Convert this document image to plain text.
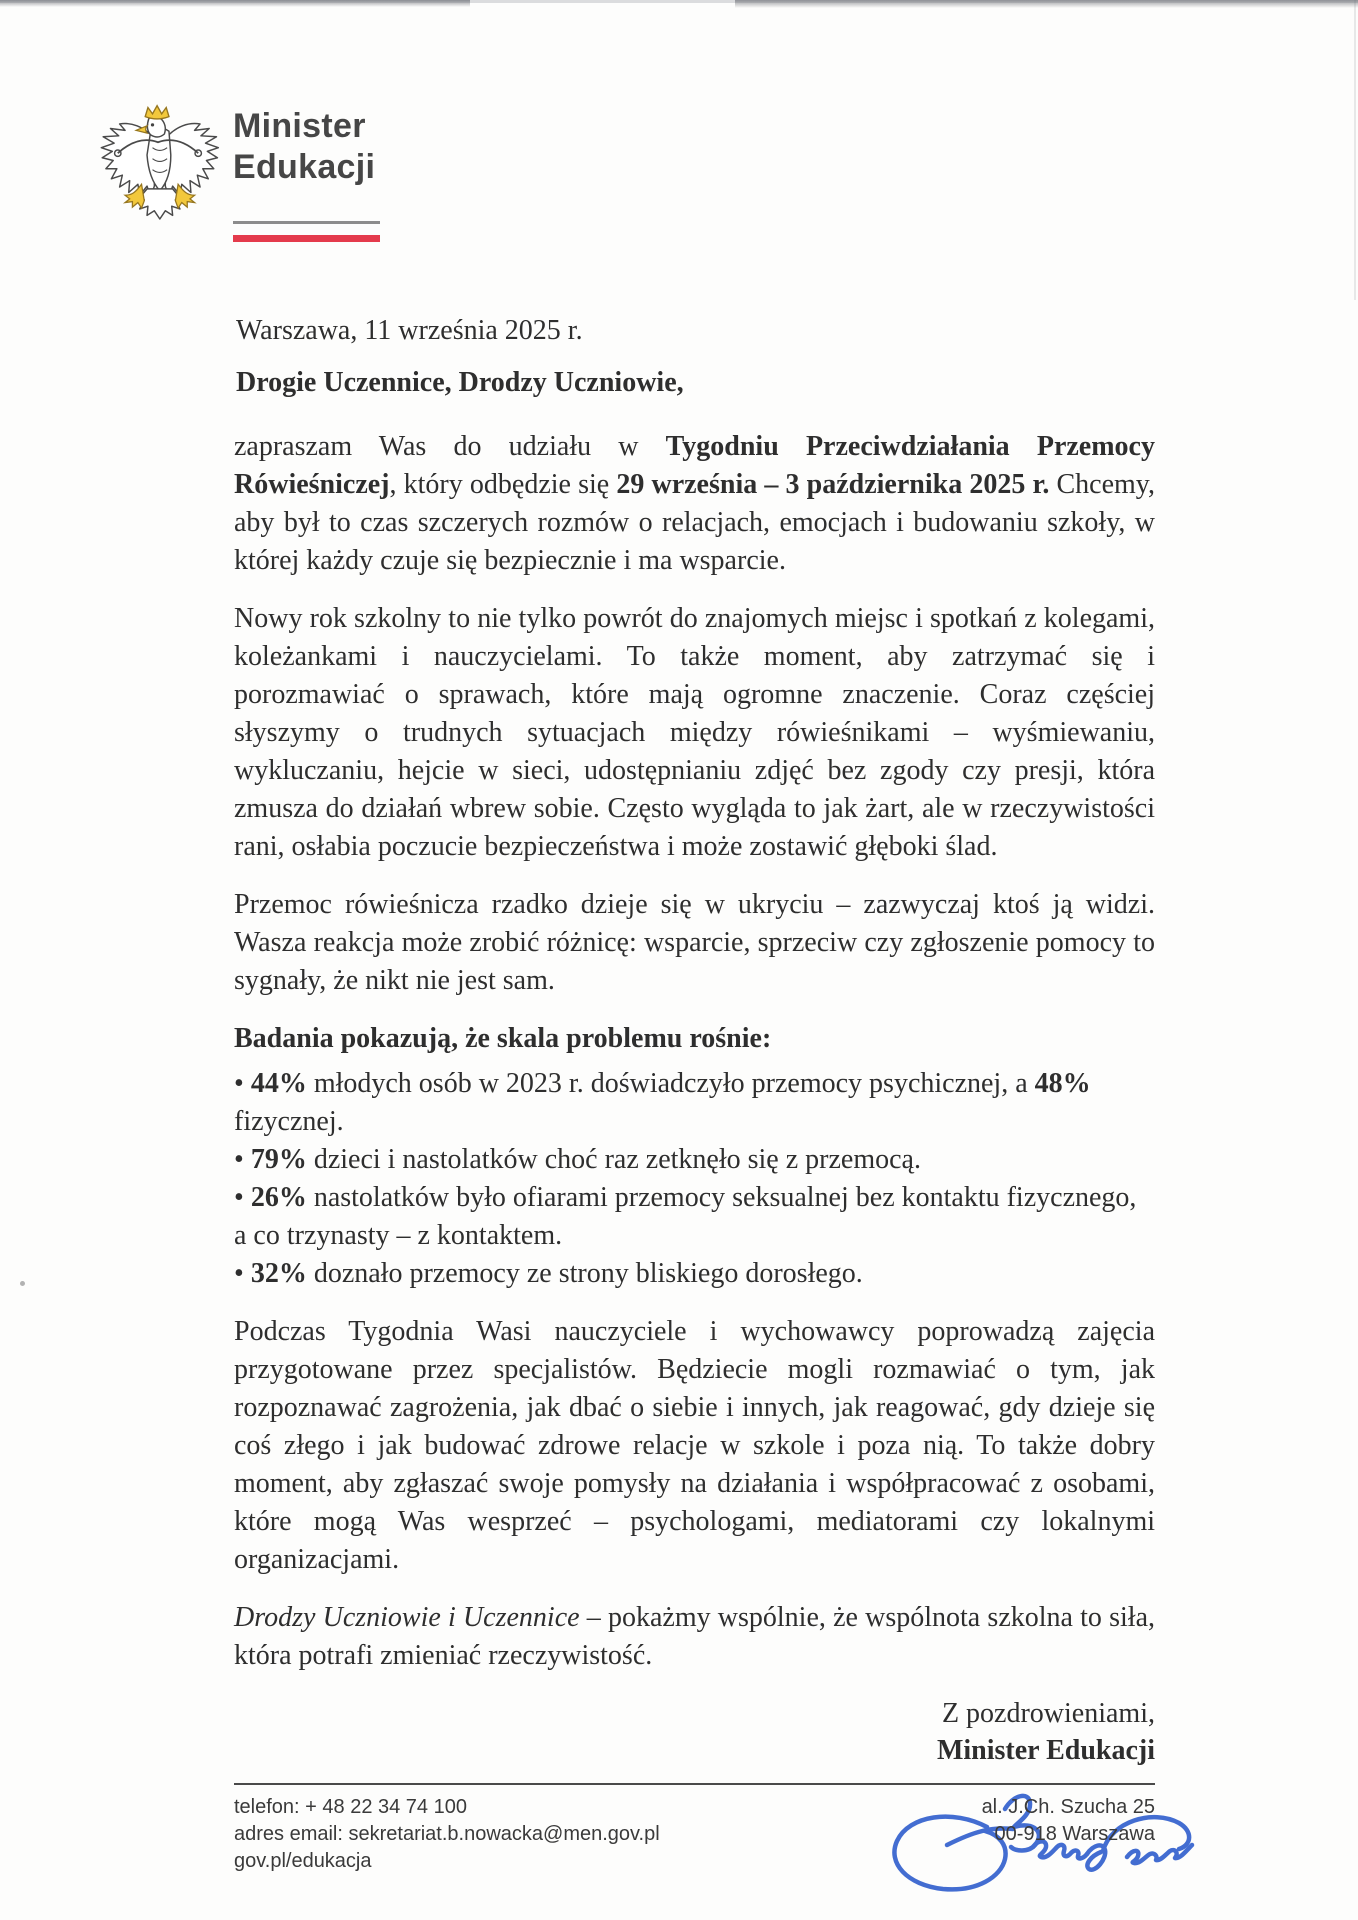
Minister
Edukacji

Warszawa, 11 września 2025 r.

Drogie Uczennice, Drodzy Uczniowie,

zapraszam Was do udziału w Tygodniu Przeciwdziałania Przemocy Rówieśniczej, który odbędzie się 29 września – 3 października 2025 r. Chcemy, aby był to czas szczerych rozmów o relacjach, emocjach i budowaniu szkoły, w której każdy czuje się bezpiecznie i ma wsparcie.

Nowy rok szkolny to nie tylko powrót do znajomych miejsc i spotkań z kolegami, koleżankami i nauczycielami. To także moment, aby zatrzymać się i porozmawiać o sprawach, które mają ogromne znaczenie. Coraz częściej słyszymy o trudnych sytuacjach między rówieśnikami – wyśmiewaniu, wykluczaniu, hejcie w sieci, udostępnianiu zdjęć bez zgody czy presji, która zmusza do działań wbrew sobie. Często wygląda to jak żart, ale w rzeczywistości rani, osłabia poczucie bezpieczeństwa i może zostawić głęboki ślad.

Przemoc rówieśnicza rzadko dzieje się w ukryciu – zazwyczaj ktoś ją widzi. Wasza reakcja może zrobić różnicę: wsparcie, sprzeciw czy zgłoszenie pomocy to sygnały, że nikt nie jest sam.

Badania pokazują, że skala problemu rośnie:

• 44% młodych osób w 2023 r. doświadczyło przemocy psychicznej, a 48% fizycznej.
• 79% dzieci i nastolatków choć raz zetknęło się z przemocą.
• 26% nastolatków było ofiarami przemocy seksualnej bez kontaktu fizycznego, a co trzynasty – z kontaktem.
• 32% doznało przemocy ze strony bliskiego dorosłego.

Podczas Tygodnia Wasi nauczyciele i wychowawcy poprowadzą zajęcia przygotowane przez specjalistów. Będziecie mogli rozmawiać o tym, jak rozpoznawać zagrożenia, jak dbać o siebie i innych, jak reagować, gdy dzieje się coś złego i jak budować zdrowe relacje w szkole i poza nią. To także dobry moment, aby zgłaszać swoje pomysły na działania i współpracować z osobami, które mogą Was wesprzeć – psychologami, mediatorami czy lokalnymi organizacjami.

Drodzy Uczniowie i Uczennice – pokażmy wspólnie, że wspólnota szkolna to siła, która potrafi zmieniać rzeczywistość.

Z pozdrowieniami,
Minister Edukacji
telefon: + 48 22 34 74 100
adres email: sekretariat.b.nowacka@men.gov.pl
gov.pl/edukacja
al. J.Ch. Szucha 25
00-918 Warszawa
